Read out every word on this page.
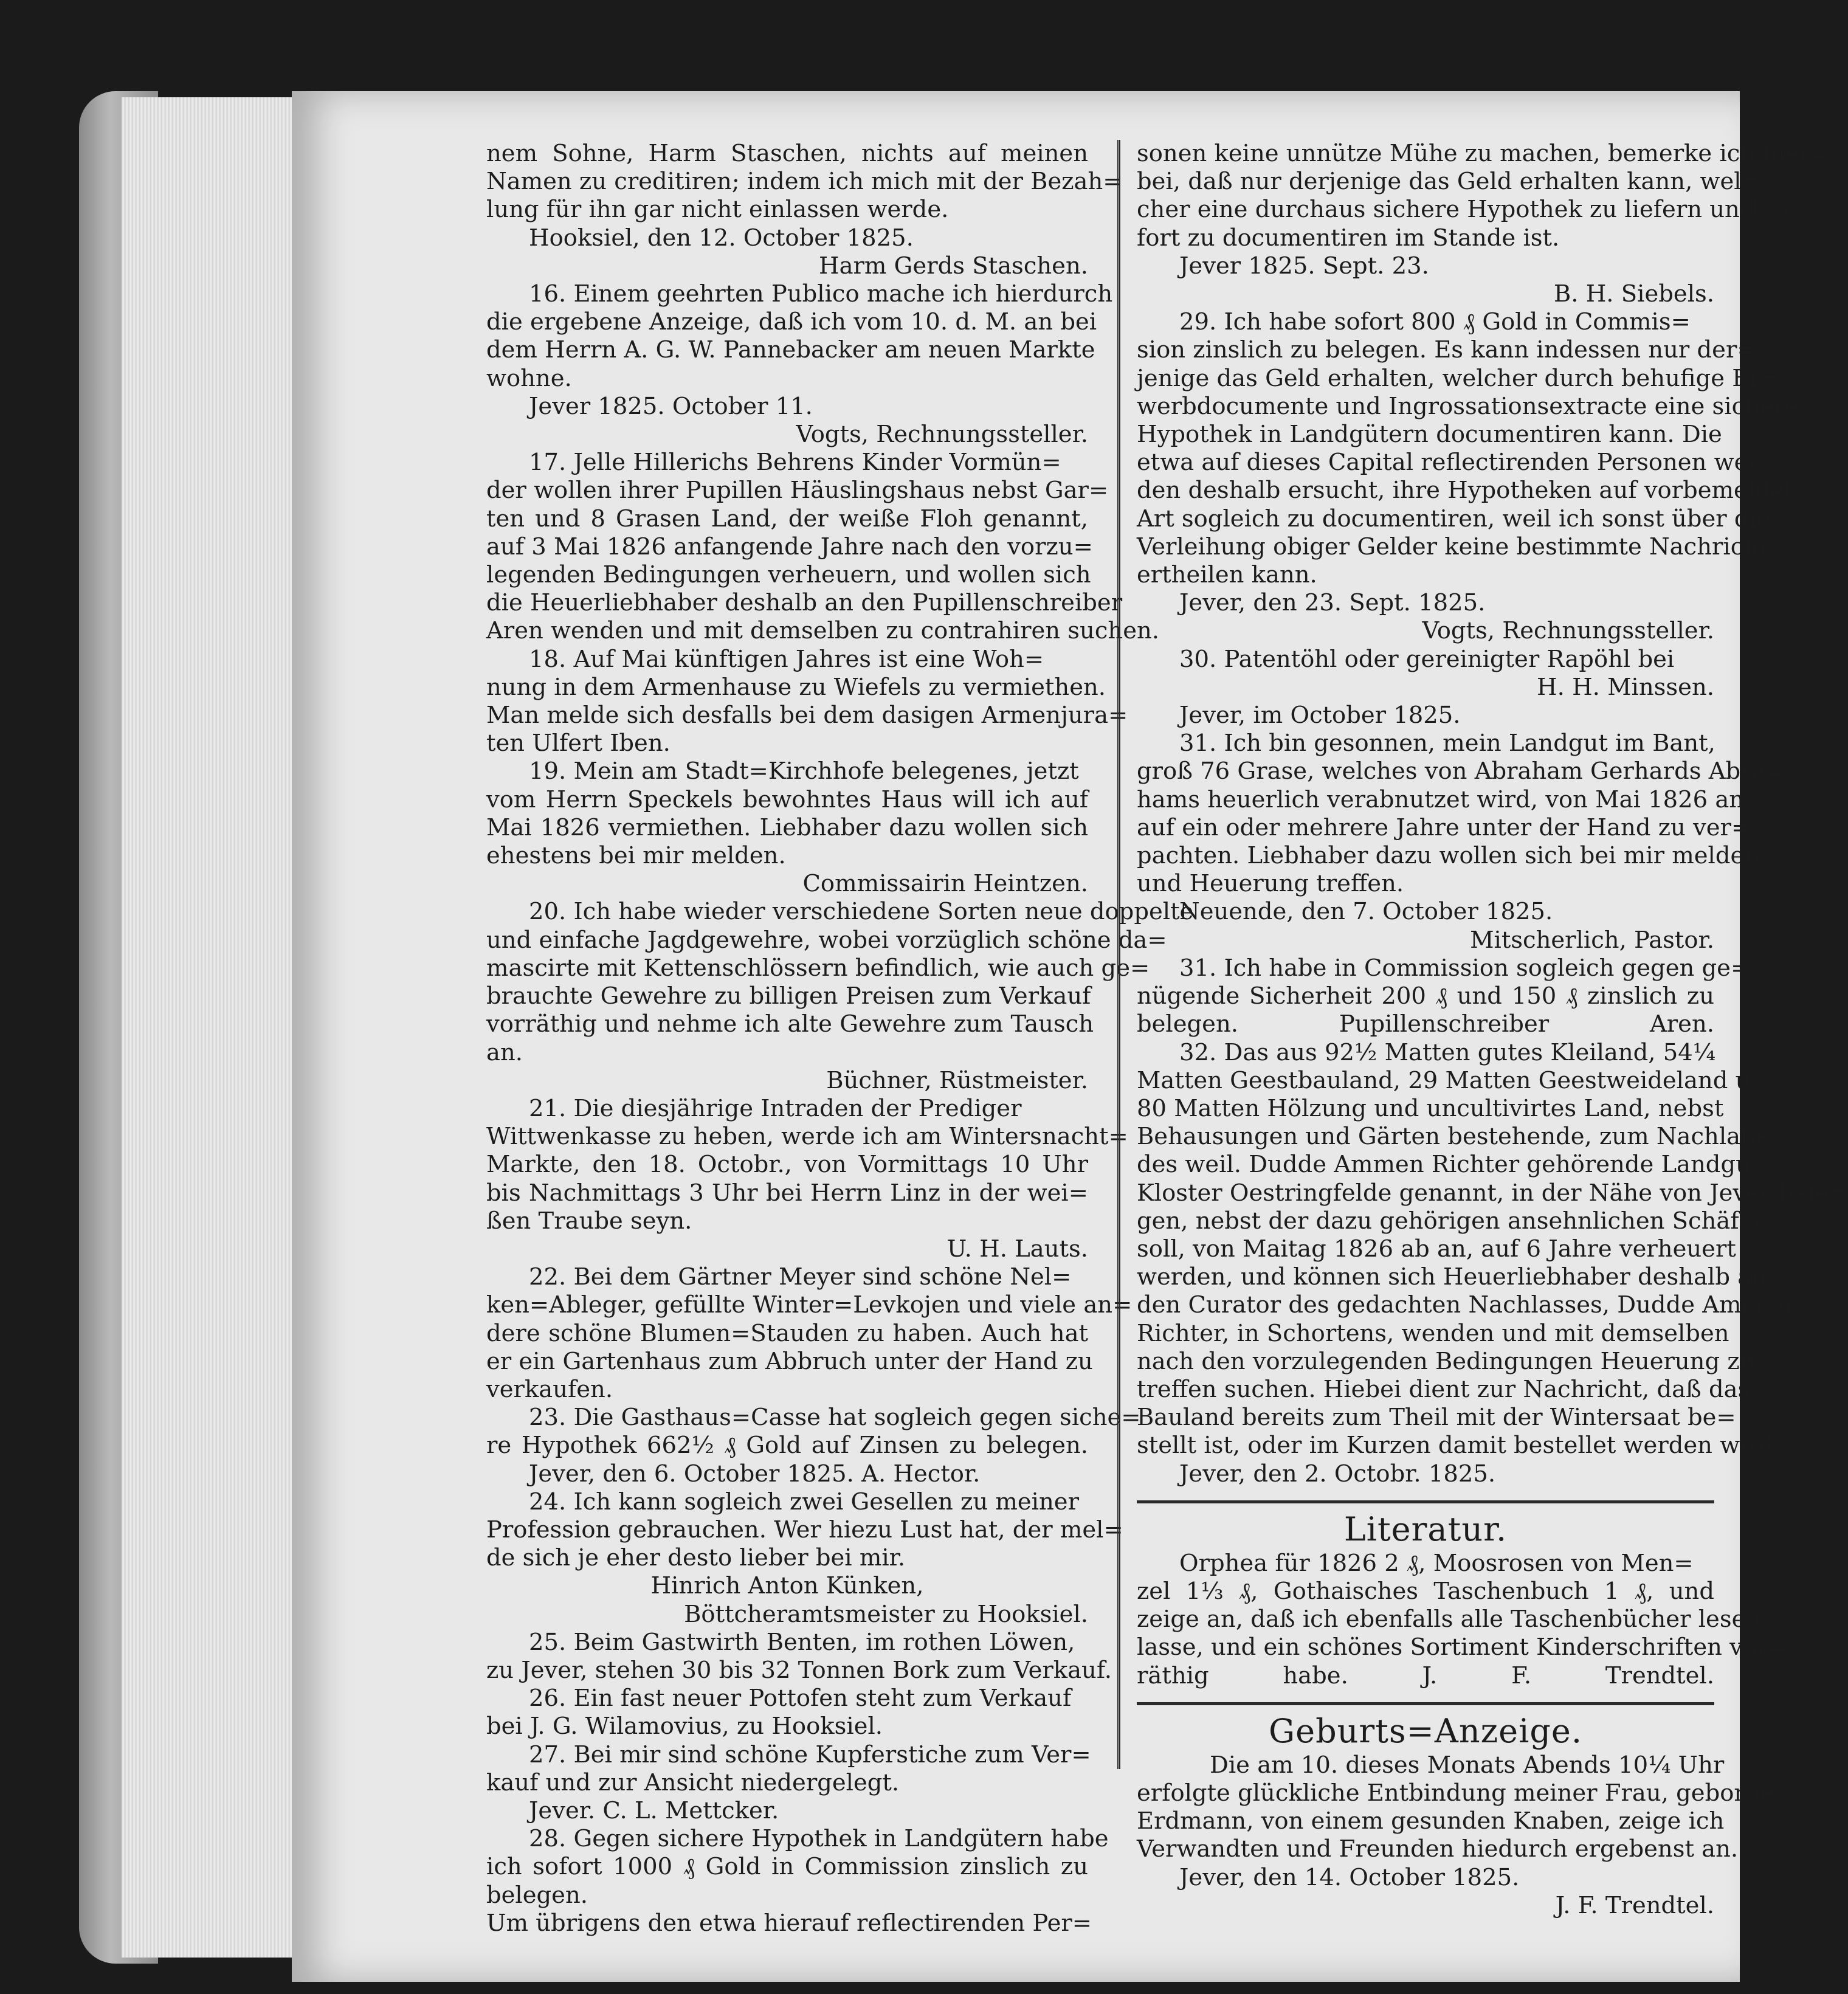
nem Sohne, Harm Staschen, nichts auf meinen
Namen zu creditiren; indem ich mich mit der Bezah=
lung für ihn gar nicht einlassen werde.
Hooksiel, den 12. October 1825.
Harm Gerds Staschen.
16. Einem geehrten Publico mache ich hierdurch
die ergebene Anzeige, daß ich vom 10. d. M. an bei
dem Herrn A. G. W. Pannebacker am neuen Markte
wohne.
Jever 1825. October 11.
Vogts, Rechnungssteller.
17. Jelle Hillerichs Behrens Kinder Vormün=
der wollen ihrer Pupillen Häuslingshaus nebst Gar=
ten und 8 Grasen Land, der weiße Floh genannt,
auf 3 Mai 1826 anfangende Jahre nach den vorzu=
legenden Bedingungen verheuern, und wollen sich
die Heuerliebhaber deshalb an den Pupillenschreiber
Aren wenden und mit demselben zu contrahiren suchen.
18. Auf Mai künftigen Jahres ist eine Woh=
nung in dem Armenhause zu Wiefels zu vermiethen.
Man melde sich desfalls bei dem dasigen Armenjura=
ten Ulfert Iben.
19. Mein am Stadt=Kirchhofe belegenes, jetzt
vom Herrn Speckels bewohntes Haus will ich auf
Mai 1826 vermiethen. Liebhaber dazu wollen sich
ehestens bei mir melden.
Commissairin Heintzen.
20. Ich habe wieder verschiedene Sorten neue doppelte
und einfache Jagdgewehre, wobei vorzüglich schöne da=
mascirte mit Kettenschlössern befindlich, wie auch ge=
brauchte Gewehre zu billigen Preisen zum Verkauf
vorräthig und nehme ich alte Gewehre zum Tausch
an.
Büchner, Rüstmeister.
21. Die diesjährige Intraden der Prediger
Wittwenkasse zu heben, werde ich am Wintersnacht=
Markte, den 18. Octobr., von Vormittags 10 Uhr
bis Nachmittags 3 Uhr bei Herrn Linz in der wei=
ßen Traube seyn.
U. H. Lauts.
22. Bei dem Gärtner Meyer sind schöne Nel=
ken=Ableger, gefüllte Winter=Levkojen und viele an=
dere schöne Blumen=Stauden zu haben. Auch hat
er ein Gartenhaus zum Abbruch unter der Hand zu
verkaufen.
23. Die Gasthaus=Casse hat sogleich gegen siche=
re Hypothek 662½ ₰ Gold auf Zinsen zu belegen.
Jever, den 6. October 1825. A. Hector.
24. Ich kann sogleich zwei Gesellen zu meiner
Profession gebrauchen. Wer hiezu Lust hat, der mel=
de sich je eher desto lieber bei mir.
Hinrich Anton Künken,
Böttcheramtsmeister zu Hooksiel.
25. Beim Gastwirth Benten, im rothen Löwen,
zu Jever, stehen 30 bis 32 Tonnen Bork zum Verkauf.
26. Ein fast neuer Pottofen steht zum Verkauf
bei J. G. Wilamovius, zu Hooksiel.
27. Bei mir sind schöne Kupferstiche zum Ver=
kauf und zur Ansicht niedergelegt.
Jever. C. L. Mettcker.
28. Gegen sichere Hypothek in Landgütern habe
ich sofort 1000 ₰ Gold in Commission zinslich zu
belegen.
Um übrigens den etwa hierauf reflectirenden Per=
sonen keine unnütze Mühe zu machen, bemerke ich hier=
bei, daß nur derjenige das Geld erhalten kann, wel=
cher eine durchaus sichere Hypothek zu liefern und so=
fort zu documentiren im Stande ist.
Jever 1825. Sept. 23.
B. H. Siebels.
29. Ich habe sofort 800 ₰ Gold in Commis=
sion zinslich zu belegen. Es kann indessen nur der=
jenige das Geld erhalten, welcher durch behufige Er=
werbdocumente und Ingrossationsextracte eine sichere
Hypothek in Landgütern documentiren kann. Die
etwa auf dieses Capital reflectirenden Personen wer=
den deshalb ersucht, ihre Hypotheken auf vorbemeldete
Art sogleich zu documentiren, weil ich sonst über die
Verleihung obiger Gelder keine bestimmte Nachricht
ertheilen kann.
Jever, den 23. Sept. 1825.
Vogts, Rechnungssteller.
30. Patentöhl oder gereinigter Rapöhl bei
H. H. Minssen.
Jever, im October 1825.
31. Ich bin gesonnen, mein Landgut im Bant,
groß 76 Grase, welches von Abraham Gerhards Abra=
hams heuerlich verabnutzet wird, von Mai 1826 an
auf ein oder mehrere Jahre unter der Hand zu ver=
pachten. Liebhaber dazu wollen sich bei mir melden
und Heuerung treffen.
Neuende, den 7. October 1825.
Mitscherlich, Pastor.
31. Ich habe in Commission sogleich gegen ge=
nügende Sicherheit 200 ₰ und 150 ₰ zinslich zu
belegen. Pupillenschreiber Aren.
32. Das aus 92½ Matten gutes Kleiland, 54¼
Matten Geestbauland, 29 Matten Geestweideland u.
80 Matten Hölzung und uncultivirtes Land, nebst
Behausungen und Gärten bestehende, zum Nachlaße
des weil. Dudde Ammen Richter gehörende Landgut,
Kloster Oestringfelde genannt, in der Nähe von Jever bele=
gen, nebst der dazu gehörigen ansehnlichen Schäferei,
soll, von Maitag 1826 ab an, auf 6 Jahre verheuert
werden, und können sich Heuerliebhaber deshalb an
den Curator des gedachten Nachlasses, Dudde Ammen
Richter, in Schortens, wenden und mit demselben
nach den vorzulegenden Bedingungen Heuerung zu
treffen suchen. Hiebei dient zur Nachricht, daß das
Bauland bereits zum Theil mit der Wintersaat be=
stellt ist, oder im Kurzen damit bestellet werden wird.
Jever, den 2. Octobr. 1825.
Literatur.
Orphea für 1826 2 ₰, Moosrosen von Men=
zel 1⅓ ₰, Gothaisches Taschenbuch 1 ₰, und
zeige an, daß ich ebenfalls alle Taschenbücher lesen
lasse, und ein schönes Sortiment Kinderschriften vor=
räthig habe. J. F. Trendtel.
Geburts=Anzeige.
Die am 10. dieses Monats Abends 10¼ Uhr
erfolgte glückliche Entbindung meiner Frau, geborne
Erdmann, von einem gesunden Knaben, zeige ich
Verwandten und Freunden hiedurch ergebenst an.
Jever, den 14. October 1825.
J. F. Trendtel.
